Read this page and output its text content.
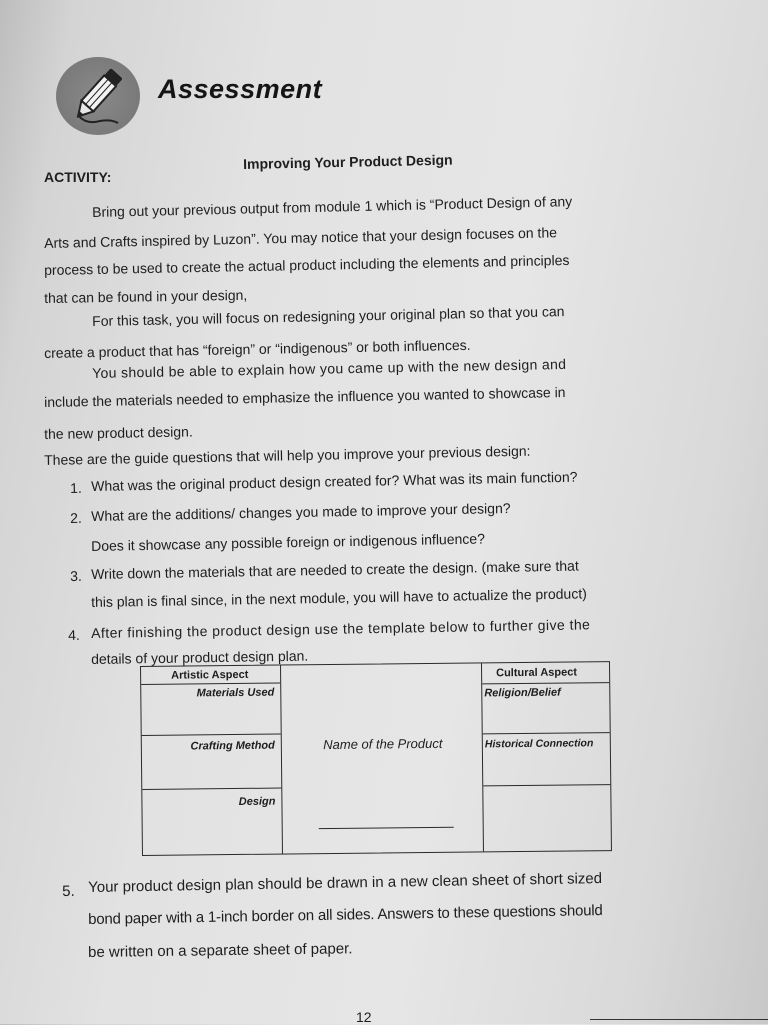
Assessment
ACTIVITY:
Improving Your Product Design
Bring out your previous output from module 1 which is “Product Design of any
Arts and Crafts inspired by Luzon”. You may notice that your design focuses on the
process to be used to create the actual product including the elements and principles
that can be found in your design,
For this task, you will focus on redesigning your original plan so that you can
create a product that has “foreign” or “indigenous” or both influences.
You should be able to explain how you came up with the new design and
include the materials needed to emphasize the influence you wanted to showcase in
the new product design.
These are the guide questions that will help you improve your previous design:
1. What was the original product design created for? What was its main function?
2. What are the additions/ changes you made to improve your design?
Does it showcase any possible foreign or indigenous influence?
3. Write down the materials that are needed to create the design. (make sure that
this plan is final since, in the next module, you will have to actualize the product)
4. After finishing the product design use the template below to further give the
details of your product design plan.
Artistic Aspect
Materials Used
Crafting Method
Design
Name of the Product
Cultural Aspect
Religion/Belief
Historical Connection
5. Your product design plan should be drawn in a new clean sheet of short sized
bond paper with a 1-inch border on all sides. Answers to these questions should
be written on a separate sheet of paper.
12
